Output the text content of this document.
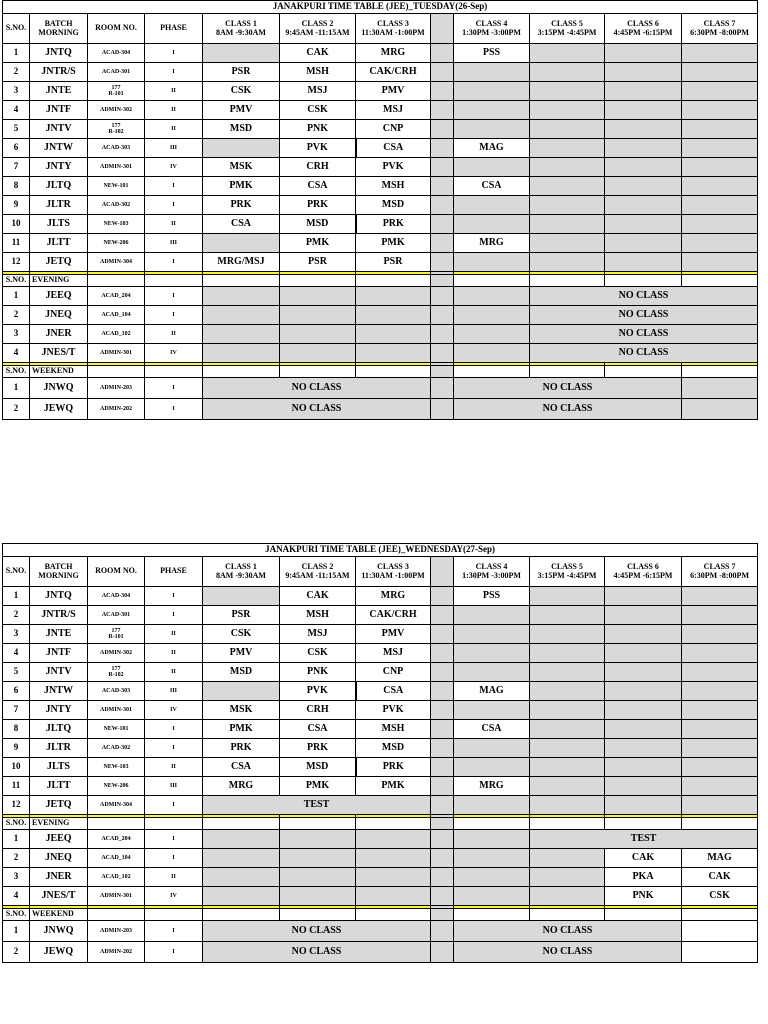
JANAKPURI TIME TABLE (JEE)_TUESDAY(26-Sep)											
S.NO.	BATCH
MORNING	ROOM NO.	PHASE	CLASS 1
8AM -9:30AM	CLASS 2
9:45AM -11:15AM	CLASS 3
11:30AM -1:00PM		CLASS 4
1:30PM -3:00PM	CLASS 5
3:15PM -4:45PM	CLASS 6
4:45PM -6:15PM	CLASS 7
6:30PM -8:00PM
1	JNTQ	ACAD-304	I		CAK	MRG		PSS			
2	JNTR/S	ACAD-301	I	PSR	MSH	CAK/CRH					
3	JNTE	177
R-101	II	CSK	MSJ	PMV					
4	JNTF	ADMIN-302	II	PMV	CSK	MSJ					
5	JNTV	177
R-102	II	MSD	PNK	CNP					
6	JNTW	ACAD-303	III		PVK	CSA		MAG			
7	JNTY	ADMIN-301	IV	MSK	CRH	PVK					
8	JLTQ	NEW-101	I	PMK	CSA	MSH		CSA			
9	JLTR	ACAD-302	I	PRK	PRK	MSD					
10	JLTS	NEW-103	II	CSA	MSD	PRK					
11	JLTT	NEW-206	III		PMK	PMK		MRG			
12	JETQ	ADMIN-304	I	MRG/MSJ	PSR	PSR					

S.NO.	EVENING										
1	JEEQ	ACAD_204	I						NO CLASS		
2	JNEQ	ACAD_104	I						NO CLASS		
3	JNER	ACAD_102	II						NO CLASS		
4	JNES/T	ADMIN-301	IV						NO CLASS		

S.NO.	WEEKEND										
1	JNWQ	ADMIN-203	I	NO CLASS				NO CLASS			
2	JEWQ	ADMIN-202	I	NO CLASS				NO CLASS			
JANAKPURI TIME TABLE (JEE)_WEDNESDAY(27-Sep)											
S.NO.	BATCH
MORNING	ROOM NO.	PHASE	CLASS 1
8AM -9:30AM	CLASS 2
9:45AM -11:15AM	CLASS 3
11:30AM -1:00PM		CLASS 4
1:30PM -3:00PM	CLASS 5
3:15PM -4:45PM	CLASS 6
4:45PM -6:15PM	CLASS 7
6:30PM -8:00PM
1	JNTQ	ACAD-304	I		CAK	MRG		PSS			
2	JNTR/S	ACAD-301	I	PSR	MSH	CAK/CRH					
3	JNTE	177
R-101	II	CSK	MSJ	PMV					
4	JNTF	ADMIN-302	II	PMV	CSK	MSJ					
5	JNTV	177
R-102	II	MSD	PNK	CNP					
6	JNTW	ACAD-303	III		PVK	CSA		MAG			
7	JNTY	ADMIN-301	IV	MSK	CRH	PVK					
8	JLTQ	NEW-101	I	PMK	CSA	MSH		CSA			
9	JLTR	ACAD-302	I	PRK	PRK	MSD					
10	JLTS	NEW-103	II	CSA	MSD	PRK					
11	JLTT	NEW-206	III	MRG	PMK	PMK		MRG			
12	JETQ	ADMIN-304	I	TEST							

S.NO.	EVENING										
1	JEEQ	ACAD_204	I						TEST		
2	JNEQ	ACAD_104	I							CAK	MAG
3	JNER	ACAD_102	II							PKA	CAK
4	JNES/T	ADMIN-301	IV							PNK	CSK

S.NO.	WEEKEND										
1	JNWQ	ADMIN-203	I	NO CLASS				NO CLASS			
2	JEWQ	ADMIN-202	I	NO CLASS				NO CLASS			
